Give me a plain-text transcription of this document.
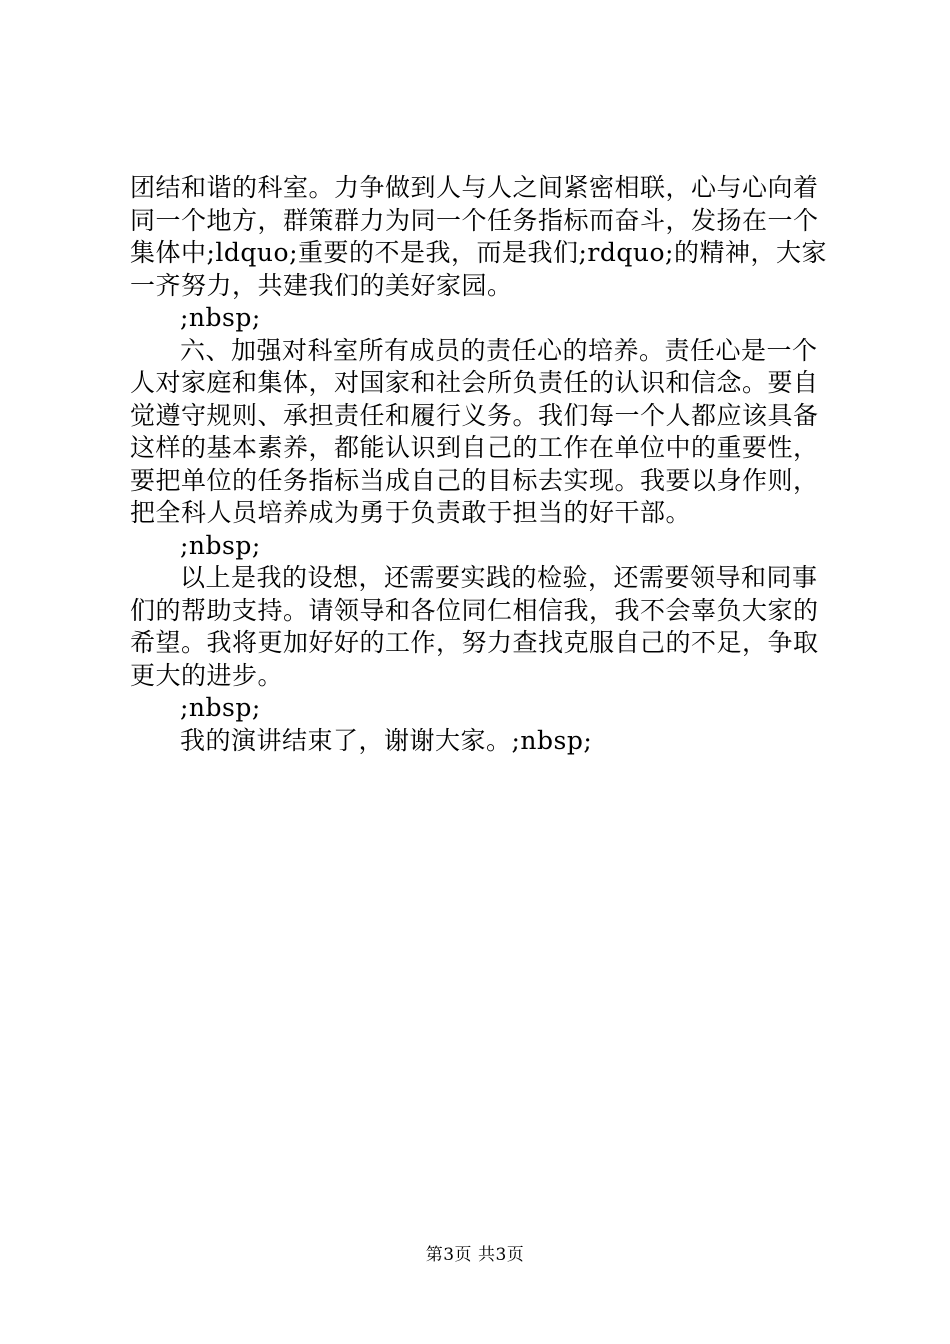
团结和谐的科室。力争做到人与人之间紧密相联，心与心向着
同一个地方，群策群力为同一个任务指标而奋斗，发扬在一个
集体中;ldquo;重要的不是我，而是我们;rdquo;的精神，大家
一齐努力，共建我们的美好家园。
;nbsp;
六、加强对科室所有成员的责任心的培养。责任心是一个
人对家庭和集体，对国家和社会所负责任的认识和信念。要自
觉遵守规则、承担责任和履行义务。我们每一个人都应该具备
这样的基本素养，都能认识到自己的工作在单位中的重要性，
要把单位的任务指标当成自己的目标去实现。我要以身作则，
把全科人员培养成为勇于负责敢于担当的好干部。
;nbsp;
以上是我的设想，还需要实践的检验，还需要领导和同事
们的帮助支持。请领导和各位同仁相信我，我不会辜负大家的
希望。我将更加好好的工作，努力查找克服自己的不足，争取
更大的进步。
;nbsp;
我的演讲结束了，谢谢大家。;nbsp;
第3页 共3页
